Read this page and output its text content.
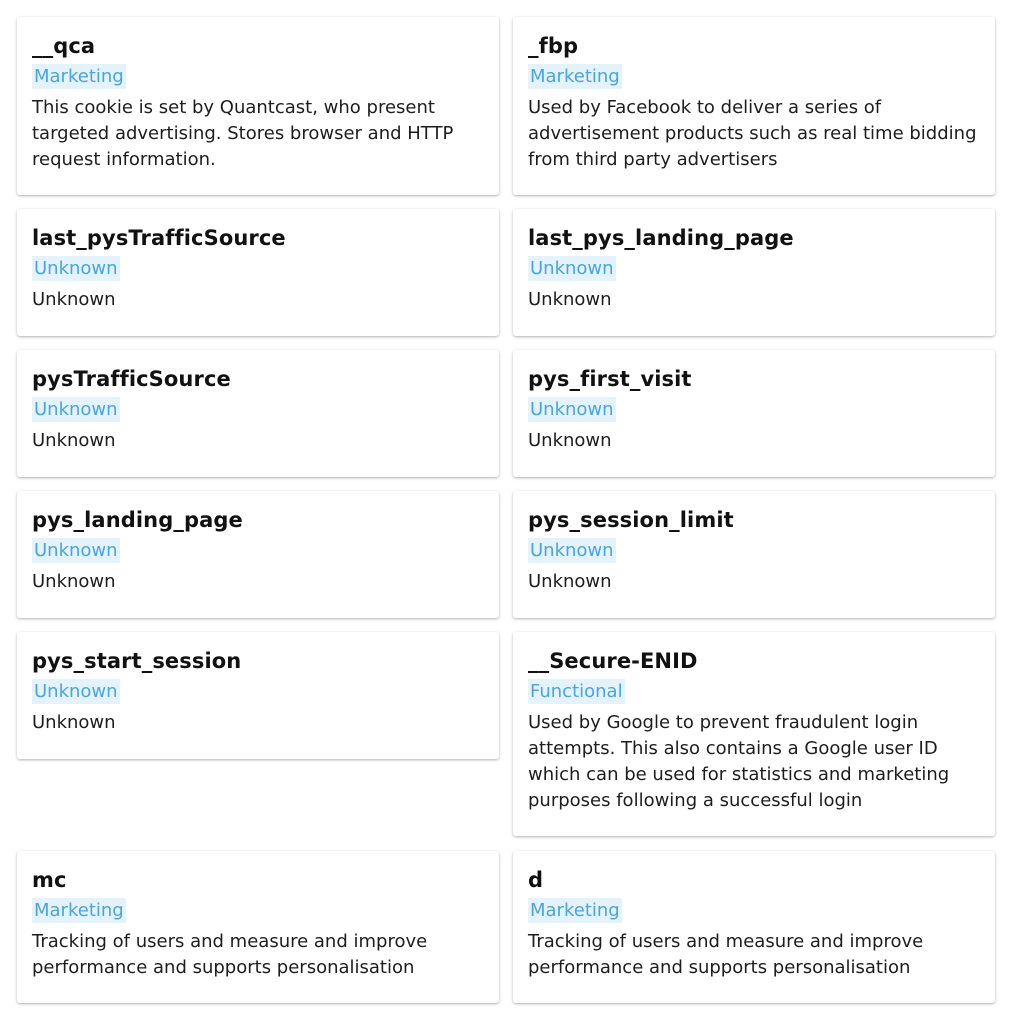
__qca
Marketing

This cookie is set by Quantcast, who present targeted advertising. Stores browser and HTTP request information.

_fbp
Marketing

Used by Facebook to deliver a series of advertisement products such as real time bidding from third party advertisers

last_pysTrafficSource
Unknown

Unknown

last_pys_landing_page
Unknown

Unknown

pysTrafficSource
Unknown

Unknown

pys_first_visit
Unknown

Unknown

pys_landing_page
Unknown

Unknown

pys_session_limit
Unknown

Unknown

pys_start_session
Unknown

Unknown

__Secure-ENID
Functional

Used by Google to prevent fraudulent login attempts. This also contains a Google user ID which can be used for statistics and marketing purposes following a successful login

mc
Marketing

Tracking of users and measure and improve performance and supports personalisation

d
Marketing

Tracking of users and measure and improve performance and supports personalisation
